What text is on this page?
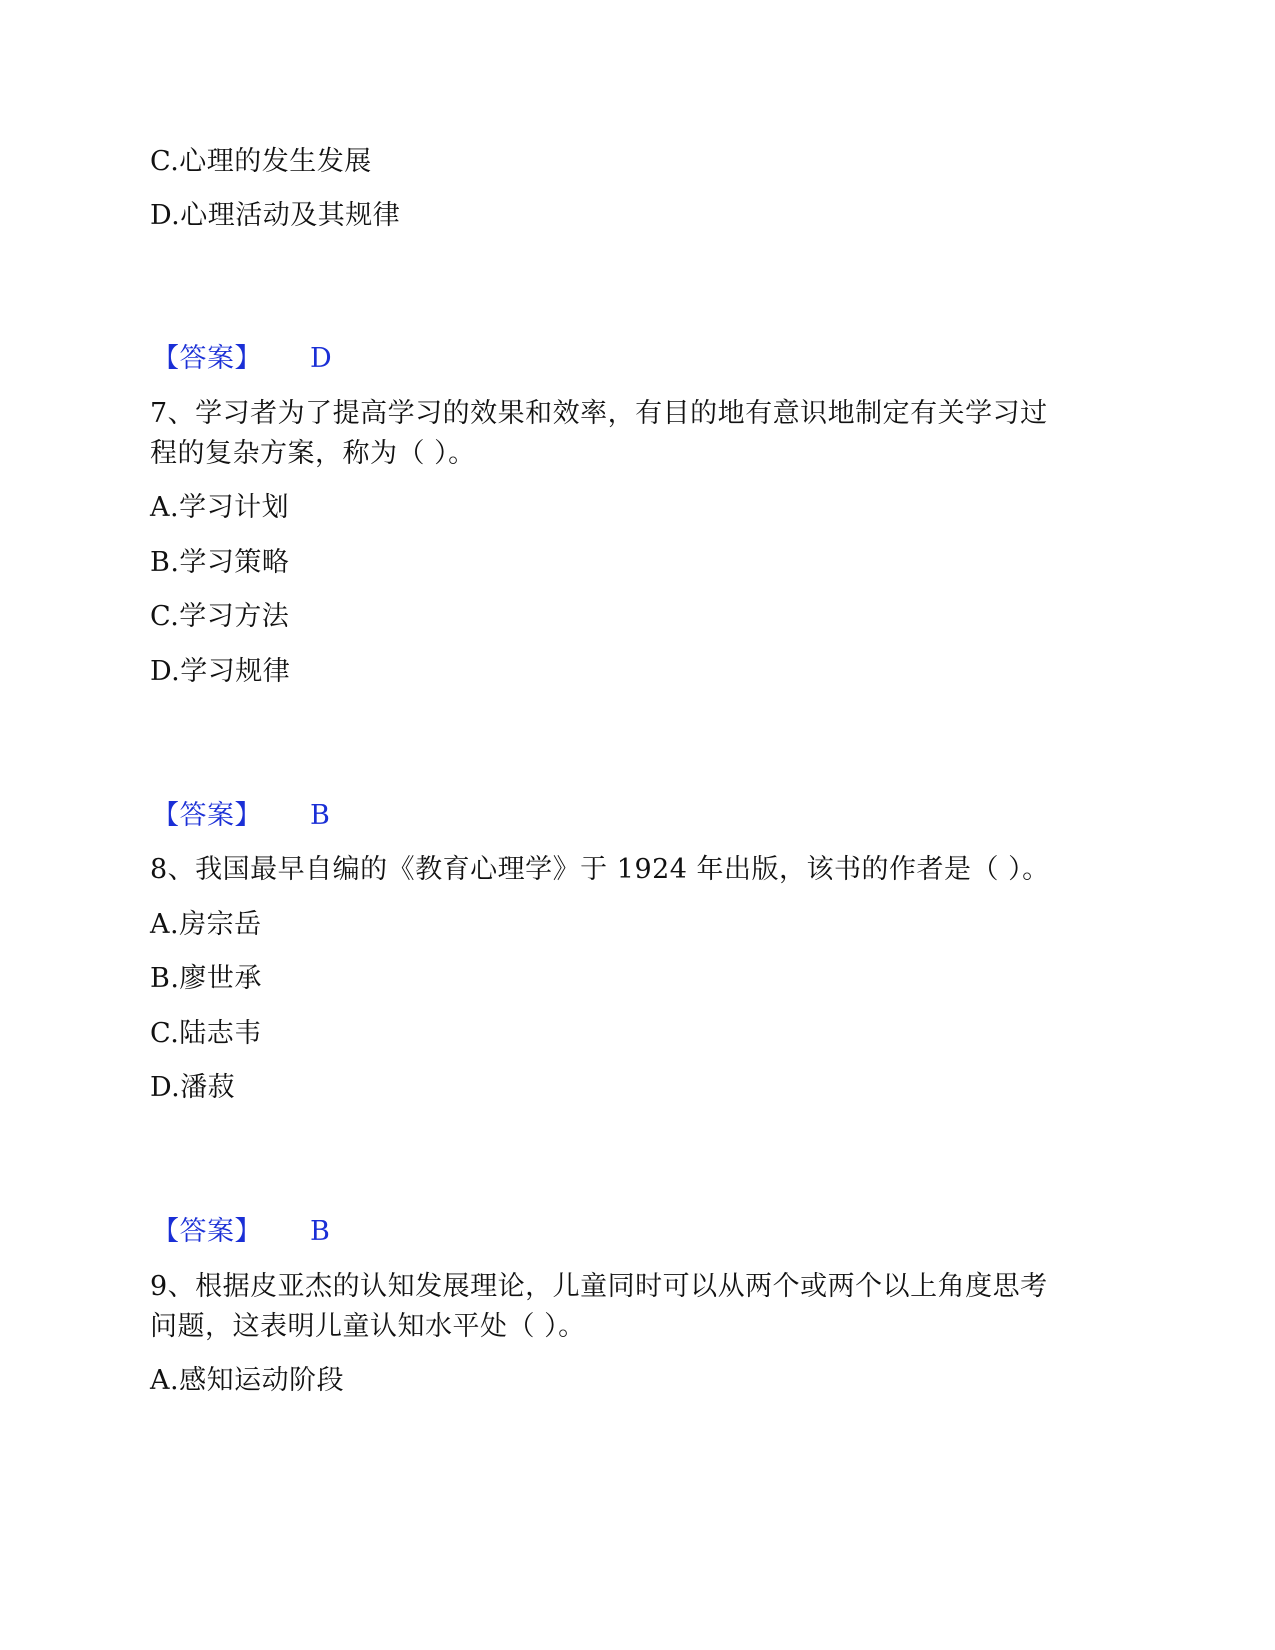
C.心理的发生发展
D.心理活动及其规律
【答案】 D
7、学习者为了提高学习的效果和效率，有目的地有意识地制定有关学习过
程的复杂方案，称为（ ）。
A.学习计划
B.学习策略
C.学习方法
D.学习规律
【答案】 B
8、我国最早自编的《教育心理学》于 1924 年出版，该书的作者是（ ）。
A.房宗岳
B.廖世承
C.陆志韦
D.潘菽
【答案】 B
9、根据皮亚杰的认知发展理论，儿童同时可以从两个或两个以上角度思考
问题，这表明儿童认知水平处（ ）。
A.感知运动阶段
